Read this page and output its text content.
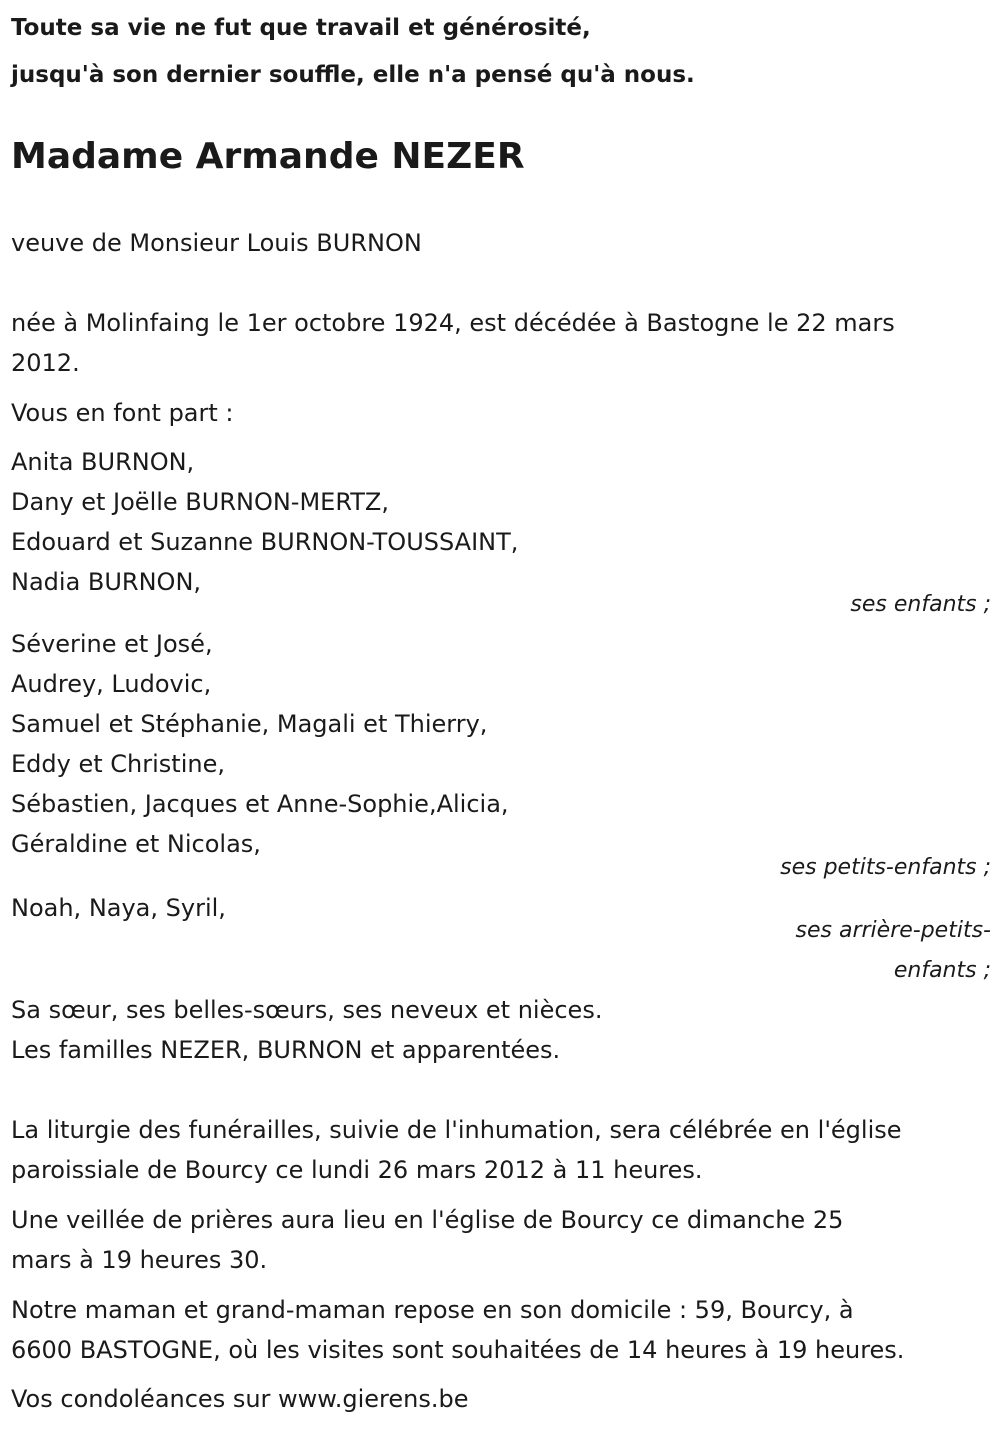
Toute sa vie ne fut que travail et générosité,
jusqu'à son dernier souffle, elle n'a pensé qu'à nous.
Madame Armande NEZER
veuve de Monsieur Louis BURNON
née à Molinfaing le 1er octobre 1924, est décédée à Bastogne le 22 mars
2012.
Vous en font part :
Anita BURNON,
Dany et Joëlle BURNON-MERTZ,
Edouard et Suzanne BURNON-TOUSSAINT,
Nadia BURNON,
ses enfants ;
Séverine et José,
Audrey, Ludovic,
Samuel et Stéphanie, Magali et Thierry,
Eddy et Christine,
Sébastien, Jacques et Anne-Sophie,Alicia,
Géraldine et Nicolas,
ses petits-enfants ;
Noah, Naya, Syril,
ses arrière-petits-
enfants ;
Sa sœur, ses belles-sœurs, ses neveux et nièces.
Les familles NEZER, BURNON et apparentées.
La liturgie des funérailles, suivie de l'inhumation, sera célébrée en l'église
paroissiale de Bourcy ce lundi 26 mars 2012 à 11 heures.
Une veillée de prières aura lieu en l'église de Bourcy ce dimanche 25
mars à 19 heures 30.
Notre maman et grand-maman repose en son domicile : 59, Bourcy, à
6600 BASTOGNE, où les visites sont souhaitées de 14 heures à 19 heures.
Vos condoléances sur www.gierens.be
